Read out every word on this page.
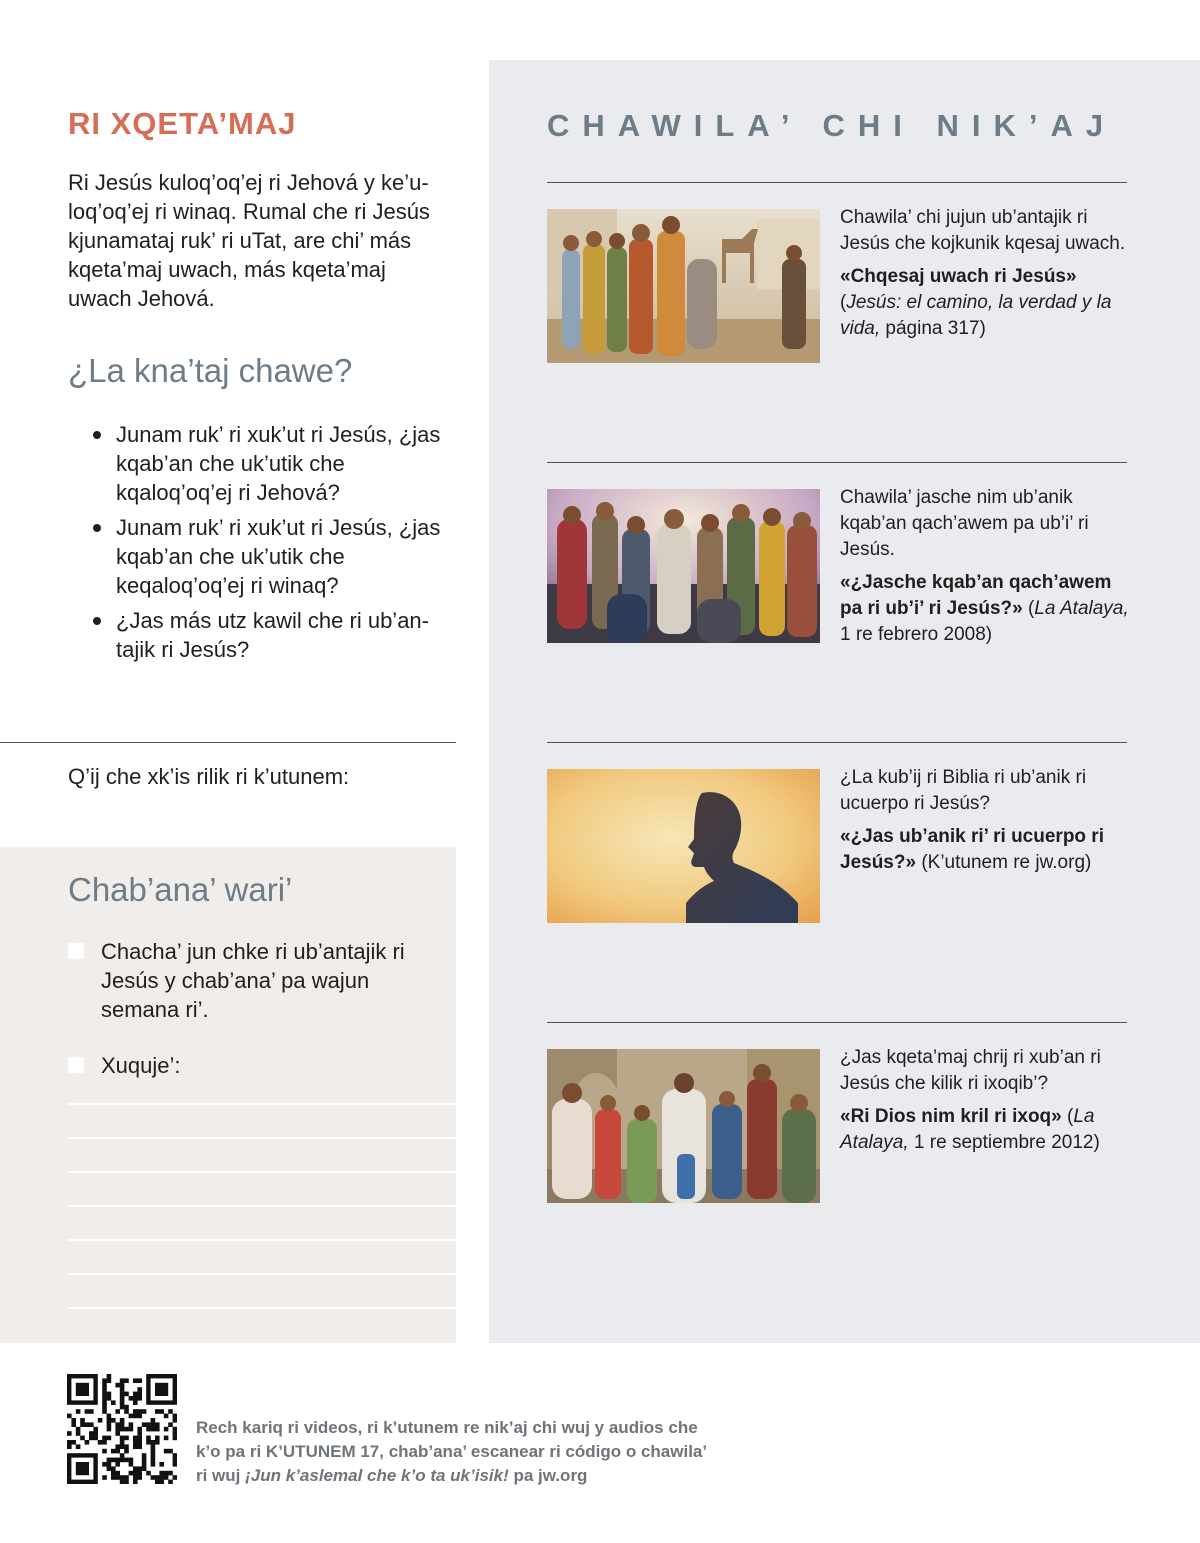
RI XQETA’MAJ

Ri Jesús kuloq’oq’ej ri Jehová y ke’u-loq’oq’ej ri winaq. Rumal che ri Jesús kjunamataj ruk’ ri uTat, are chi’ más kqeta’maj uwach, más kqeta’maj uwach Jehová.

¿La kna’taj chawe?
Junam ruk’ ri xuk’ut ri Jesús, ¿jas kqab’an che uk’utik che kqaloq’oq’ej ri Jehová?
Junam ruk’ ri xuk’ut ri Jesús, ¿jas kqab’an che uk’utik che keqaloq’oq’ej ri winaq?
¿Jas más utz kawil che ri ub’an-tajik ri Jesús?

Q’ij che xk’is rilik ri k’utunem:

Chab’ana’ wari’

Chacha’ jun chke ri ub’antajik ri Jesús y chab’ana’ pa wajun semana ri’.

Xuquje’:

CHAWILA’ CHI NIK’AJ

Chawila’ chi jujun ub’antajik ri Jesús che kojkunik kqesaj uwach.

«Chqesaj uwach ri Jesús» (Jesús: el camino, la verdad y la vida, página 317)

Chawila’ jasche nim ub’anik kqab’an qach’awem pa ub’i’ ri Jesús.

«¿Jasche kqab’an qach’awem pa ri ub’i’ ri Jesús?» (La Atalaya, 1 re febrero 2008)

¿La kub’ij ri Biblia ri ub’anik ri ucuerpo ri Jesús?

«¿Jas ub’anik ri’ ri ucuerpo ri Jesús?» (K’utunem re jw.org)

¿Jas kqeta’maj chrij ri xub’an ri Jesús che kilik ri ixoqib’?

«Ri Dios nim kril ri ixoq» (La Atalaya, 1 re septiembre 2012)

Rech kariq ri videos, ri k’utunem re nik’aj chi wuj y audios che k’o pa ri K’UTUNEM 17, chab’ana’ escanear ri código o chawila’ ri wuj ¡Jun k’aslemal che k’o ta uk’isik! pa jw.org
